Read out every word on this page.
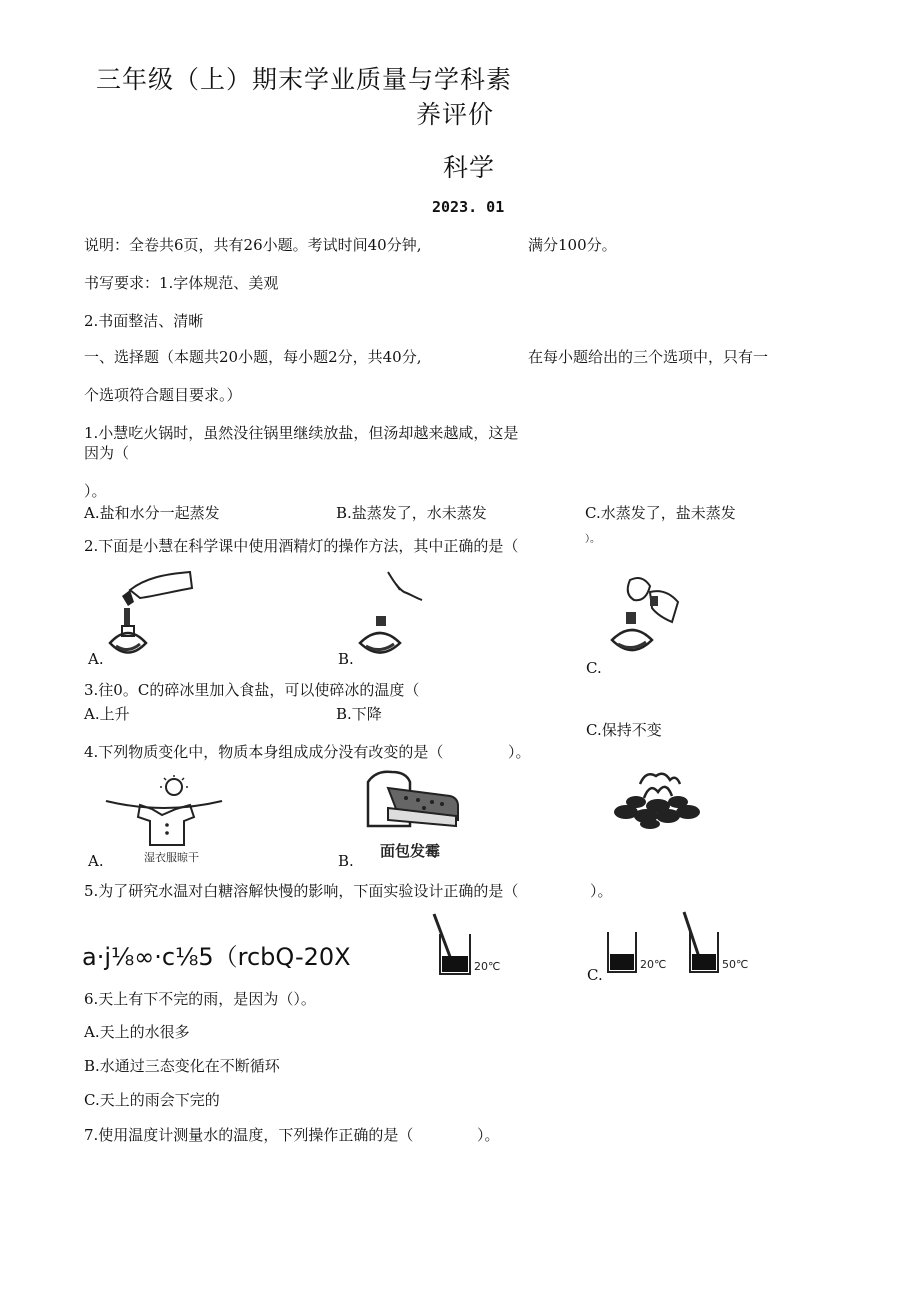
三年级（上）期末学业质量与学科素
养评价
科学
2023. 01
说明：全卷共6页，共有26小题。考试时间40分钟,	满分100分。
书写要求：1.字体规范、美观
2.书面整洁、清晰
一、选择题（本题共20小题，每小题2分，共40分,	在每小题给出的三个选项中，只有一
个选项符合题目要求。）
1.小慧吃火锅时，虽然没往锅里继续放盐，但汤却越来越咸，这是
因为（
）。
A.盐和水分一起蒸发	B.盐蒸发了，水未蒸发	C.水蒸发了，盐未蒸发
2.下面是小慧在科学课中使用酒精灯的操作方法，其中正确的是（	）。
A.	B.	C.
3.往0。C的碎冰里加入食盐，可以使碎冰的温度（
A.上升	B.下降
C.保持不变
4.下列物质变化中，物质本身组成成分没有改变的是（	）。
湿衣服晾干
A.
面包发霉
B.
5.为了研究水温对白糖溶解快慢的影响，下面实验设计正确的是（	）。
a·j⅛∞·c⅛5（rcbQ-20X	20℃	20℃	50℃
C.
6.天上有下不完的雨，是因为（）。
A.天上的水很多
B.水通过三态变化在不断循环
C.天上的雨会下完的
7.使用温度计测量水的温度，下列操作正确的是（	）。
